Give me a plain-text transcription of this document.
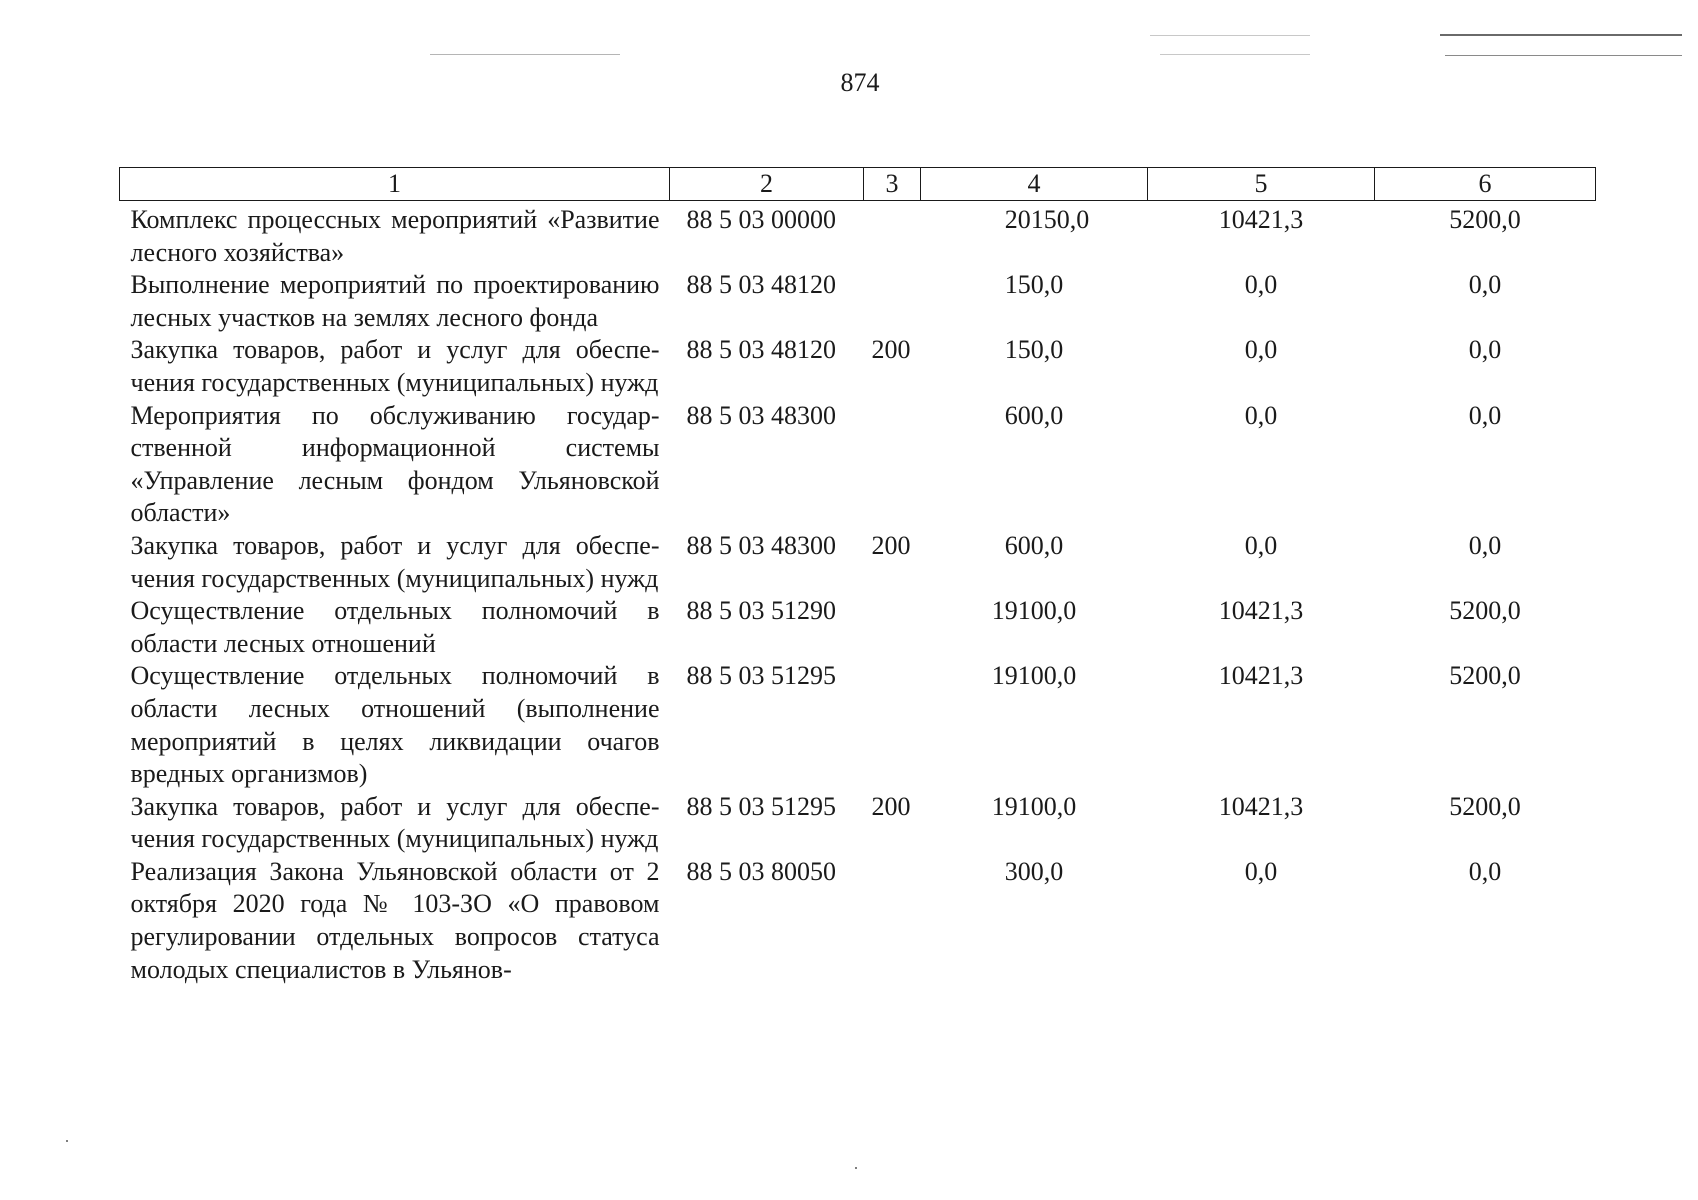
874
1	2	3	4	5	6
Комплекс процессных мероприятий «Развитие лесного хозяйства»	88 5 03 00000		20150,0	10421,3	5200,0
Выполнение мероприятий по проектированию лесных участков на землях лесного фонда	88 5 03 48120		150,0	0,0	0,0
Закупка товаров, работ и услуг для обеспечения государственных (муниципальных) нужд	88 5 03 48120	200	150,0	0,0	0,0
Мероприятия по обслуживанию государственной информационной системы «Управление лесным фондом Ульяновской области»	88 5 03 48300		600,0	0,0	0,0
Закупка товаров, работ и услуг для обеспечения государственных (муниципальных) нужд	88 5 03 48300	200	600,0	0,0	0,0
Осуществление отдельных полномочий в области лесных отношений	88 5 03 51290		19100,0	10421,3	5200,0
Осуществление отдельных полномочий в области лесных отношений (выполнение мероприятий в целях ликвидации очагов вредных организмов)	88 5 03 51295		19100,0	10421,3	5200,0
Закупка товаров, работ и услуг для обеспечения государственных (муниципальных) нужд	88 5 03 51295	200	19100,0	10421,3	5200,0
Реализация Закона Ульяновской области от 2 октября 2020 года № 103-ЗО «О правовом регулировании отдельных вопросов статуса молодых специалистов в Ульянов-	88 5 03 80050		300,0	0,0	0,0
